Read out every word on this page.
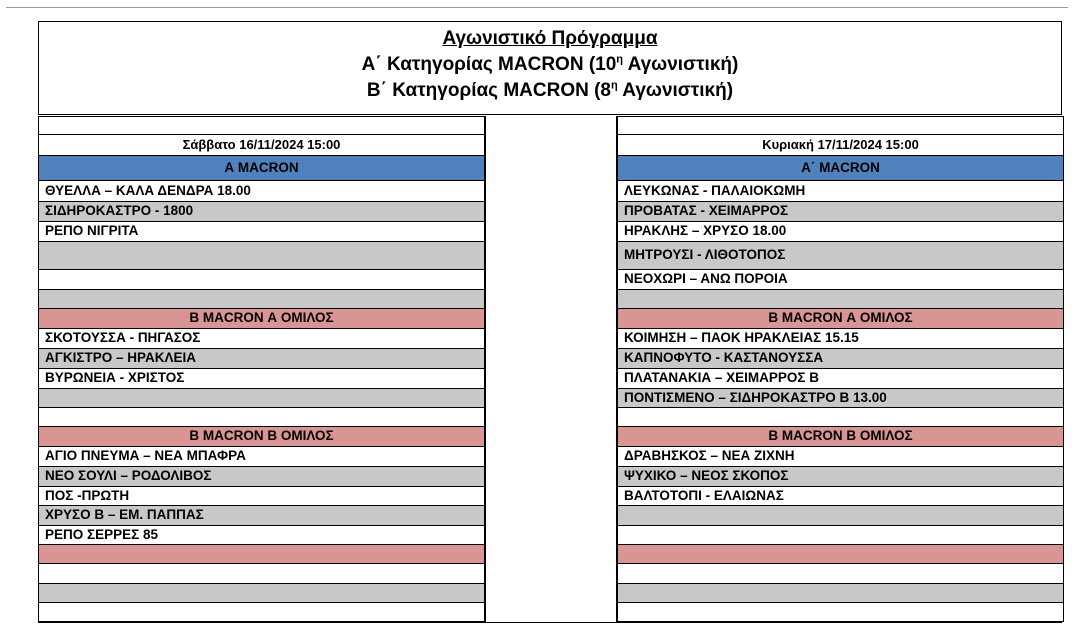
Αγωνιστικό Πρόγραμμα
Α΄ Κατηγορίας MACRON ($10^\eta$ Αγωνιστική)
Β΄ Κατηγορίας MACRON ($8^\eta$ Αγωνιστική)
Σάββατο 16/11/2024 15:00
Α MACRON
ΘΥΕΛΛΑ – ΚΑΛΑ ΔΕΝΔΡΑ 18.00
ΣΙΔΗΡΟΚΑΣΤΡΟ - 1800
ΡΕΠΟ ΝΙΓΡΙΤΑ
Β MACRON Α ΟΜΙΛΟΣ
ΣΚΟΤΟΥΣΣΑ - ΠΗΓΑΣΟΣ
ΑΓΚΙΣΤΡΟ – ΗΡΑΚΛΕΙΑ
ΒΥΡΩΝΕΙΑ - ΧΡΙΣΤΟΣ
Β MACRON Β ΟΜΙΛΟΣ
ΑΓΙΟ ΠΝΕΥΜΑ – ΝΕΑ ΜΠΑΦΡΑ
ΝΕΟ ΣΟΥΛΙ – ΡΟΔΟΛΙΒΟΣ
ΠΟΣ -ΠΡΩΤΗ
ΧΡΥΣΟ Β – ΕΜ. ΠΑΠΠΑΣ
ΡΕΠΟ ΣΕΡΡΕΣ 85
Κυριακή 17/11/2024 15:00
Α΄ MACRON
ΛΕΥΚΩΝΑΣ - ΠΑΛΑΙΟΚΩΜΗ
ΠΡΟΒΑΤΑΣ - ΧΕΙΜΑΡΡΟΣ
ΗΡΑΚΛΗΣ – ΧΡΥΣΟ 18.00
ΜΗΤΡΟΥΣΙ - ΛΙΘΟΤΟΠΟΣ
ΝΕΟΧΩΡΙ – ΑΝΩ ΠΟΡΟΙΑ
Β MACRON Α ΟΜΙΛΟΣ
ΚΟΙΜΗΣΗ – ΠΑΟΚ ΗΡΑΚΛΕΙΑΣ 15.15
ΚΑΠΝΟΦΥΤΟ - ΚΑΣΤΑΝΟΥΣΣΑ
ΠΛΑΤΑΝΑΚΙΑ – ΧΕΙΜΑΡΡΟΣ Β
ΠΟΝΤΙΣΜΕΝΟ – ΣΙΔΗΡΟΚΑΣΤΡΟ Β 13.00
Β MACRON Β ΟΜΙΛΟΣ
ΔΡΑΒΗΣΚΟΣ – ΝΕΑ ΖΙΧΝΗ
ΨΥΧΙΚΟ – ΝΕΟΣ ΣΚΟΠΟΣ
ΒΑΛΤΟΤΟΠΙ - ΕΛΑΙΩΝΑΣ
